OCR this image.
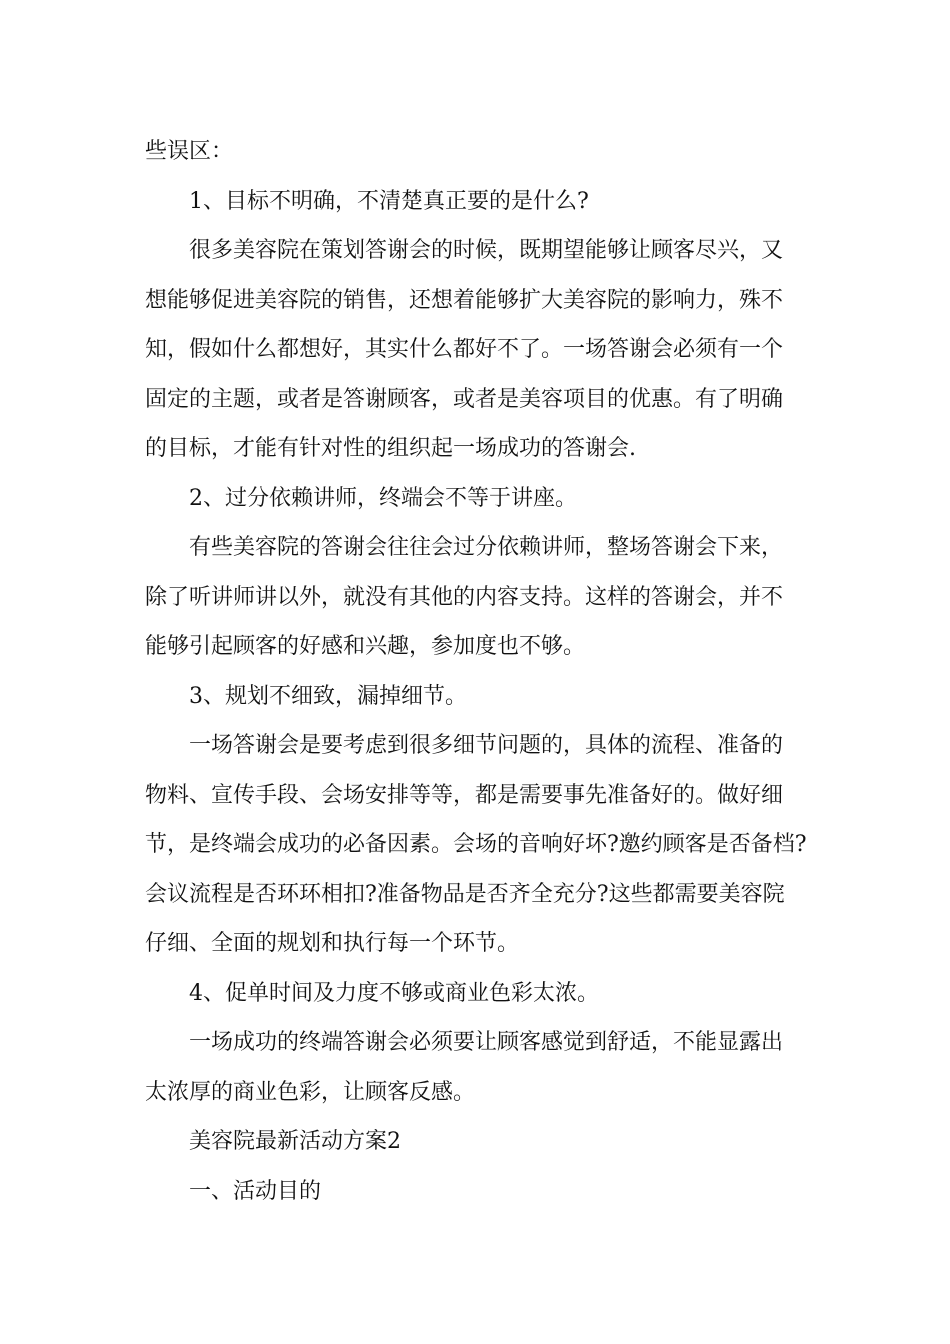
些误区：

1、目标不明确，不清楚真正要的是什么?

很多美容院在策划答谢会的时候，既期望能够让顾客尽兴，又
想能够促进美容院的销售，还想着能够扩大美容院的影响力，殊不
知，假如什么都想好，其实什么都好不了。一场答谢会必须有一个
固定的主题，或者是答谢顾客，或者是美容项目的优惠。有了明确
的目标，才能有针对性的组织起一场成功的答谢会.

2、过分依赖讲师，终端会不等于讲座。

有些美容院的答谢会往往会过分依赖讲师，整场答谢会下来，
除了听讲师讲以外，就没有其他的内容支持。这样的答谢会，并不
能够引起顾客的好感和兴趣，参加度也不够。

3、规划不细致，漏掉细节。

一场答谢会是要考虑到很多细节问题的，具体的流程、准备的
物料、宣传手段、会场安排等等，都是需要事先准备好的。做好细
节，是终端会成功的必备因素。会场的音响好坏?邀约顾客是否备档?
会议流程是否环环相扣?准备物品是否齐全充分?这些都需要美容院
仔细、全面的规划和执行每一个环节。

4、促单时间及力度不够或商业色彩太浓。

一场成功的终端答谢会必须要让顾客感觉到舒适，不能显露出
太浓厚的商业色彩，让顾客反感。

美容院最新活动方案2

一、活动目的
